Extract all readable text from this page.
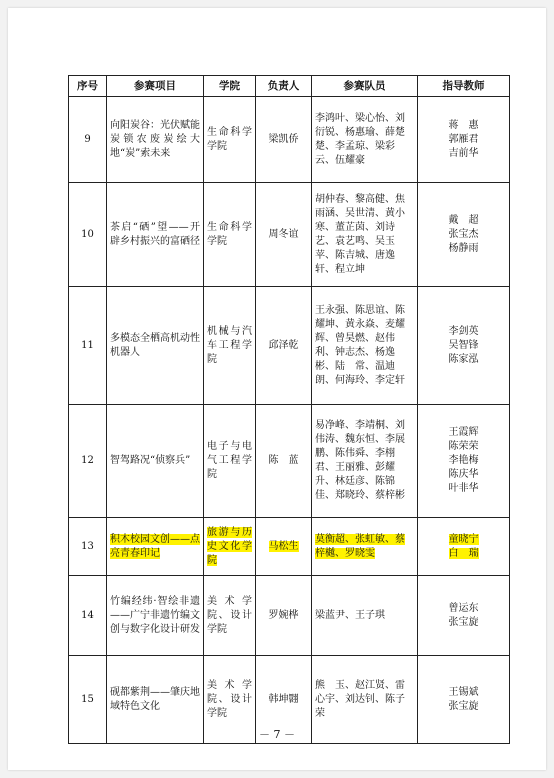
序号	参赛项目	学院	负责人	参赛队员	指导教师
9	向阳炭谷：光伏赋能炭锁农废炭绘大地“炭”索未来	生命科学学院	梁凯侨	李鸿叶、梁心怡、刘衍锐、杨惠瑜、薛楚楚、李孟琼、梁彩云、伍耀豪	蒋　惠
郭雁君
吉前华
10	茶启“硒”望——开辟乡村振兴的富硒径	生命科学学院	周冬谊	胡仲春、黎高健、焦雨涵、吴世清、黄小寒、董芷茵、刘诗艺、袁艺鸣、吴玉苹、陈吉城、唐逸轩、程立坤	戴　超
张宝杰
杨静雨
11	多模态全栖高机动性机器人	机械与汽车工程学院	邱泽乾	王永强、陈思谊、陈耀坤、黄永焱、麦耀辉、曾昊燃、赵伟利、钟志杰、杨逸彬、陆　常、温迪朗、何海玲、李定轩	李剑英
吴智锋
陈家泓
12	智驾路况“侦察兵”	电子与电气工程学院	陈　蓝	易净峰、李靖桐、刘伟涛、魏东恒、李展鹏、陈伟舜、李栩君、王丽雅、彭耀升、林廷彦、陈锦佳、郑晓玲、蔡梓彬	王霞辉
陈荣荣
李艳梅
陈庆华
叶非华
13	积木校园文创——点亮青春印记	旅游与历史文化学院	马松生	莫衡超、张虹敏、蔡梓樾、罗晓雯	童晓宁
白　瑞
14	竹编经纬·智绘非遗——广宁非遗竹编文创与数字化设计研发	美术学院、设计学院	罗婉桦	梁蓝尹、王子琪	曾运东
张宝旋
15	砚都紫荆——肇庆地域特色文化	美术学院、设计学院	韩坤翾	熊　玉、赵江贤、雷心宇、刘达钊、陈子荣	王锡斌
张宝旋
－ 7 －
